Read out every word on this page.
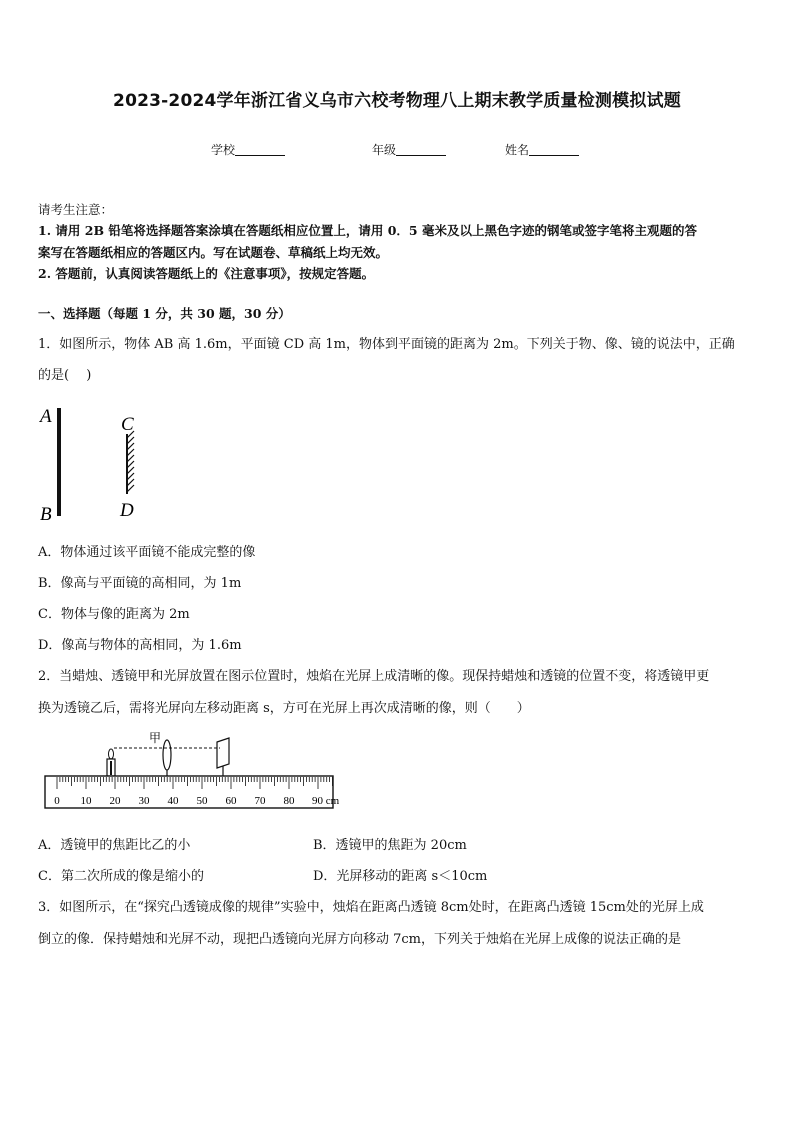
2023-2024学年浙江省义乌市六校考物理八上期末教学质量检测模拟试题
学校	年级	姓名
请考生注意：
1. 请用 2B 铅笔将选择题答案涂填在答题纸相应位置上，请用 0．5 毫米及以上黑色字迹的钢笔或签字笔将主观题的答
案写在答题纸相应的答题区内。写在试题卷、草稿纸上均无效。
2. 答题前，认真阅读答题纸上的《注意事项》，按规定答题。
一、选择题（每题 1 分，共 30 题，30 分）
1．如图所示，物体 AB 高 1.6m，平面镜 CD 高 1m，物体到平面镜的距离为 2m。下列关于物、像、镜的说法中，正确
的是(　 )
A
B
C
D
A．物体通过该平面镜不能成完整的像
B．像高与平面镜的高相同，为 1m
C．物体与像的距离为 2m
D．像高与物体的高相同，为 1.6m
2．当蜡烛、透镜甲和光屏放置在图示位置时，烛焰在光屏上成清晰的像。现保持蜡烛和透镜的位置不变，将透镜甲更
换为透镜乙后，需将光屏向左移动距离 s，方可在光屏上再次成清晰的像，则（　　）
甲
0 10 20 30 40 50 60 70 80 90 cm
A．透镜甲的焦距比乙的小	B．透镜甲的焦距为 20cm
C．第二次所成的像是缩小的	D．光屏移动的距离 s＜10cm
3．如图所示，在“探究凸透镜成像的规律”实验中，烛焰在距离凸透镜 8cm处时，在距离凸透镜 15cm处的光屏上成
倒立的像．保持蜡烛和光屏不动，现把凸透镜向光屏方向移动 7cm，下列关于烛焰在光屏上成像的说法正确的是
